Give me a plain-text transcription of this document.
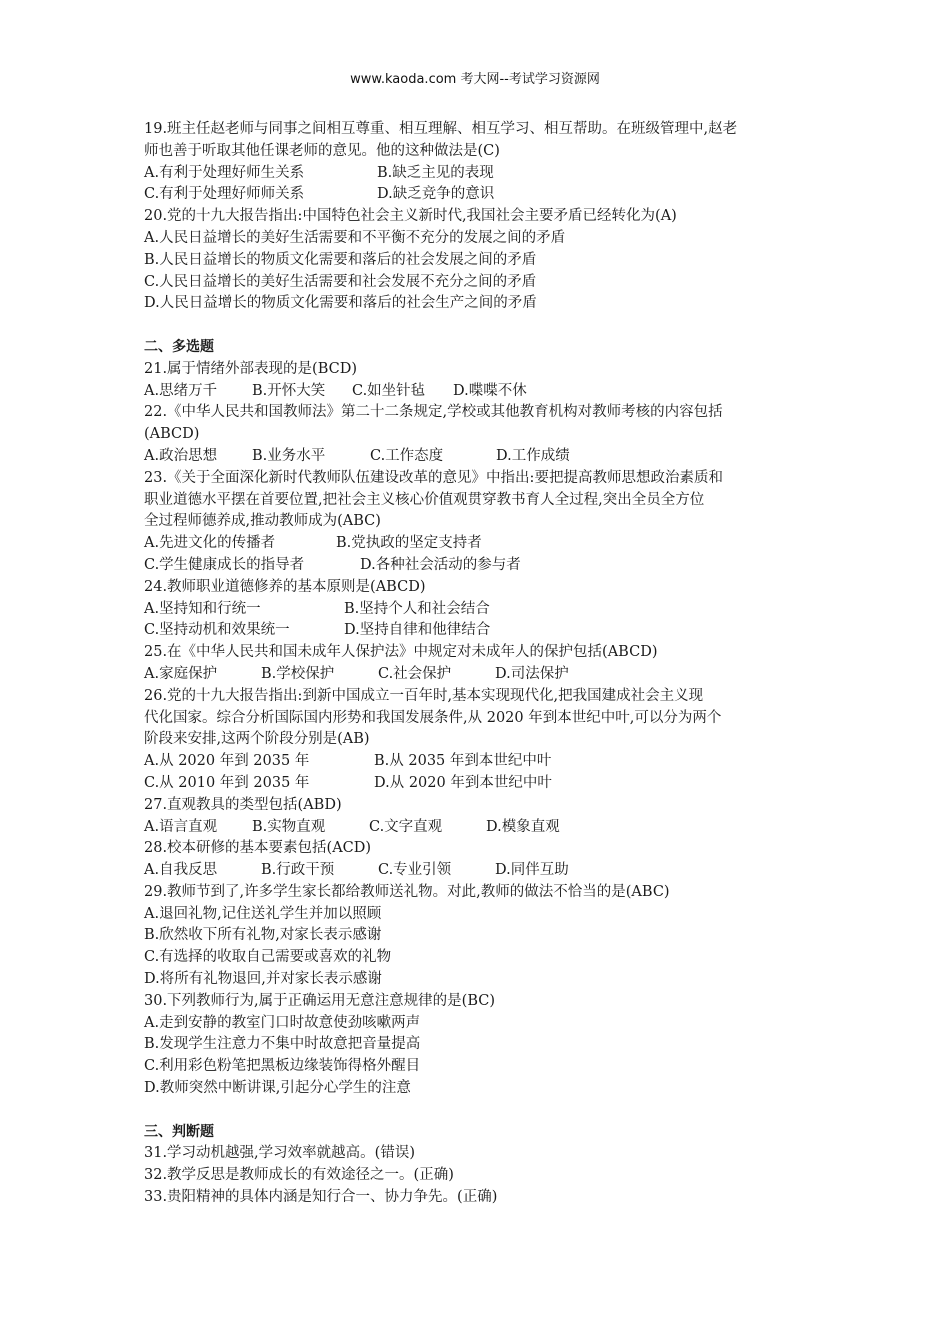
www.kaoda.com 考大网--考试学习资源网
19.班主任赵老师与同事之间相互尊重、相互理解、相互学习、相互帮助。在班级管理中,赵老
师也善于听取其他任课老师的意见。他的这种做法是(C)
A.有利于处理好师生关系	B.缺乏主见的表现
C.有利于处理好师师关系	D.缺乏竞争的意识
20.党的十九大报告指出:中国特色社会主义新时代,我国社会主要矛盾已经转化为(A)
A.人民日益增长的美好生活需要和不平衡不充分的发展之间的矛盾
B.人民日益增长的物质文化需要和落后的社会发展之间的矛盾
C.人民日益增长的美好生活需要和社会发展不充分之间的矛盾
D.人民日益增长的物质文化需要和落后的社会生产之间的矛盾
二、多选题
21.属于情绪外部表现的是(BCD)
A.思绪万千	B.开怀大笑	C.如坐针毡	D.喋喋不休
22.《中华人民共和国教师法》第二十二条规定,学校或其他教育机构对教师考核的内容包括
(ABCD)
A.政治思想	B.业务水平	C.工作态度	D.工作成绩
23.《关于全面深化新时代教师队伍建设改革的意见》中指出:要把提高教师思想政治素质和
职业道德水平摆在首要位置,把社会主义核心价值观贯穿教书育人全过程,突出全员全方位
全过程师德养成,推动教师成为(ABC)
A.先进文化的传播者	B.党执政的坚定支持者
C.学生健康成长的指导者	D.各种社会活动的参与者
24.教师职业道德修养的基本原则是(ABCD)
A.坚持知和行统一	B.坚持个人和社会结合
C.坚持动机和效果统一	D.坚持自律和他律结合
25.在《中华人民共和国未成年人保护法》中规定对未成年人的保护包括(ABCD)
A.家庭保护	B.学校保护	C.社会保护	D.司法保护
26.党的十九大报告指出:到新中国成立一百年时,基本实现现代化,把我国建成社会主义现
代化国家。综合分析国际国内形势和我国发展条件,从 2020 年到本世纪中叶,可以分为两个
阶段来安排,这两个阶段分别是(AB)
A.从 2020 年到 2035 年	B.从 2035 年到本世纪中叶
C.从 2010 年到 2035 年	D.从 2020 年到本世纪中叶
27.直观教具的类型包括(ABD)
A.语言直观	B.实物直观	C.文字直观	D.模象直观
28.校本研修的基本要素包括(ACD)
A.自我反思	B.行政干预	C.专业引领	D.同伴互助
29.教师节到了,许多学生家长都给教师送礼物。对此,教师的做法不恰当的是(ABC)
A.退回礼物,记住送礼学生并加以照顾
B.欣然收下所有礼物,对家长表示感谢
C.有选择的收取自己需要或喜欢的礼物
D.将所有礼物退回,并对家长表示感谢
30.下列教师行为,属于正确运用无意注意规律的是(BC)
A.走到安静的教室门口时故意使劲咳嗽两声
B.发现学生注意力不集中时故意把音量提高
C.利用彩色粉笔把黑板边缘装饰得格外醒目
D.教师突然中断讲课,引起分心学生的注意
三、判断题
31.学习动机越强,学习效率就越高。(错误)
32.教学反思是教师成长的有效途径之一。(正确)
33.贵阳精神的具体内涵是知行合一、协力争先。(正确)
